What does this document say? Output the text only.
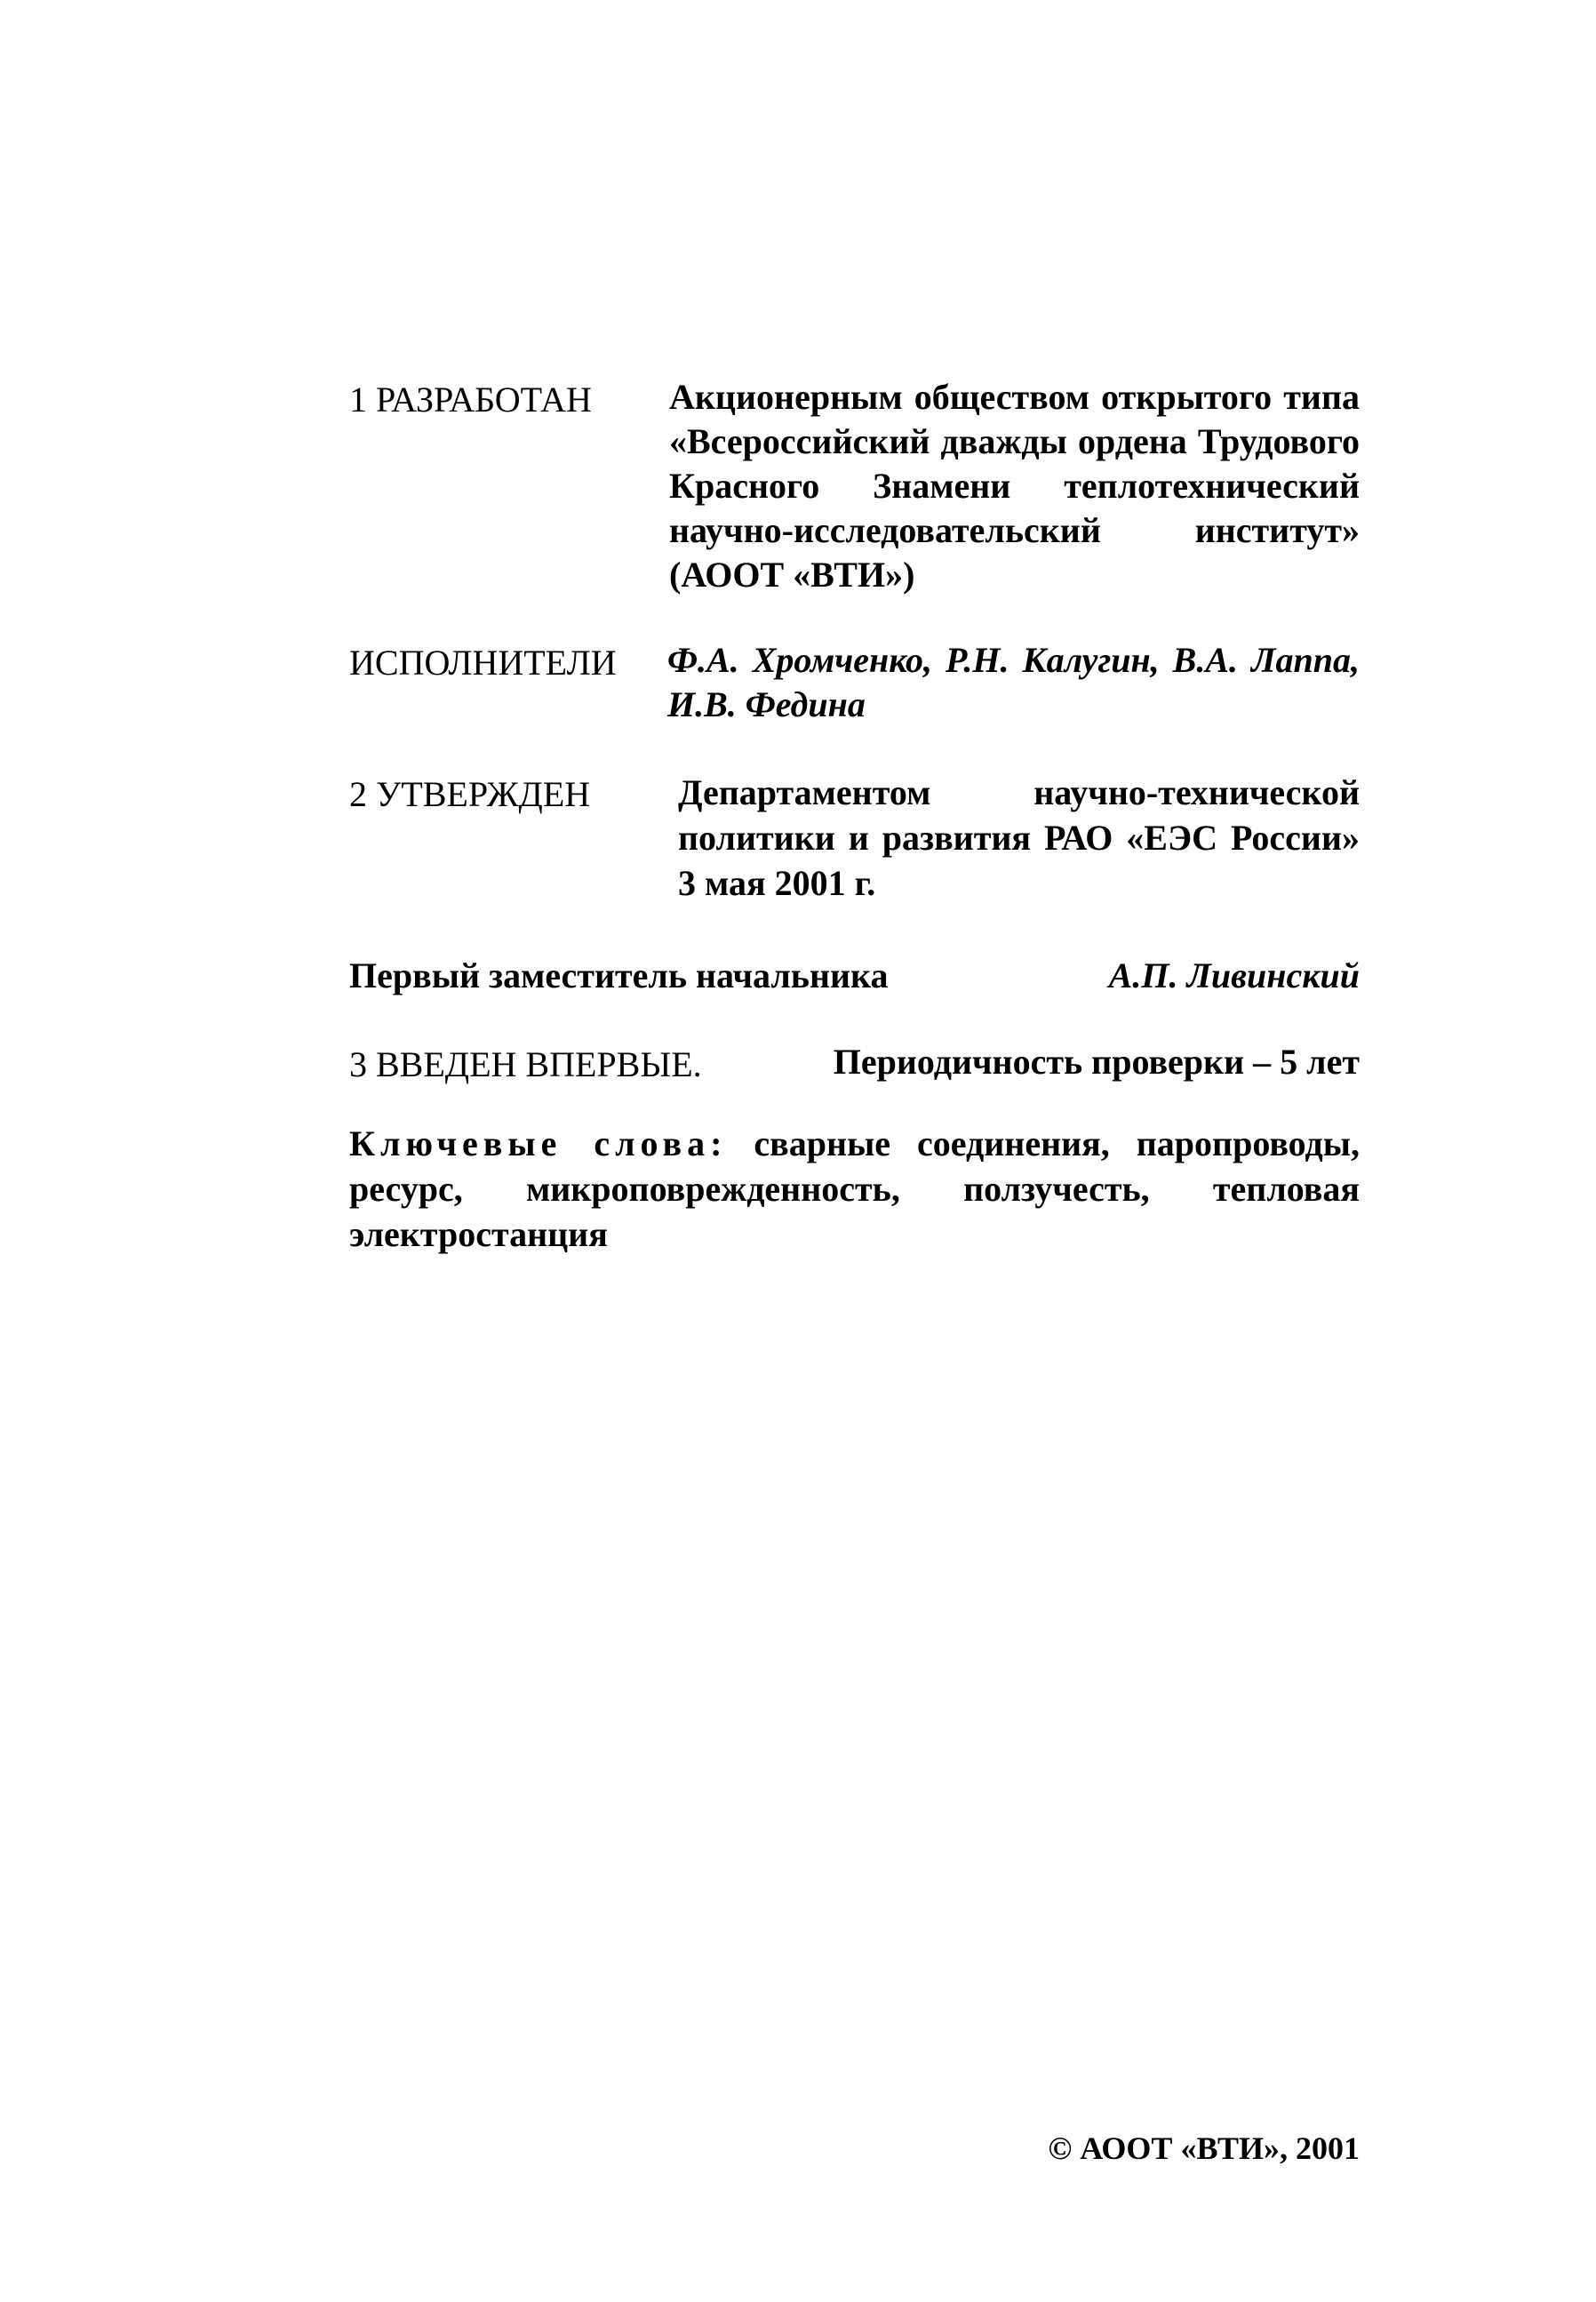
1 РАЗРАБОТАН Акционерным обществом открытого типа «Всероссийский дважды ордена Трудового Красного Знамени теплотехнический научно-исследовательский институт» (АООТ «ВТИ»)
ИСПОЛНИТЕЛИ Ф.А. Хромченко, Р.Н. Калугин, В.А. Лаппа, И.В. Федина
2 УТВЕРЖДЕН Департаментом научно-технической политики и развития РАО «ЕЭС России» 3 мая 2001 г.
Первый заместитель начальника	А.П. Ливинский
3 ВВЕДЕН ВПЕРВЫЕ.	Периодичность проверки – 5 лет
Ключевые слова: сварные соединения, паропроводы, ресурс, микроповрежденность, ползучесть, тепловая электростанция
© АООТ «ВТИ», 2001
